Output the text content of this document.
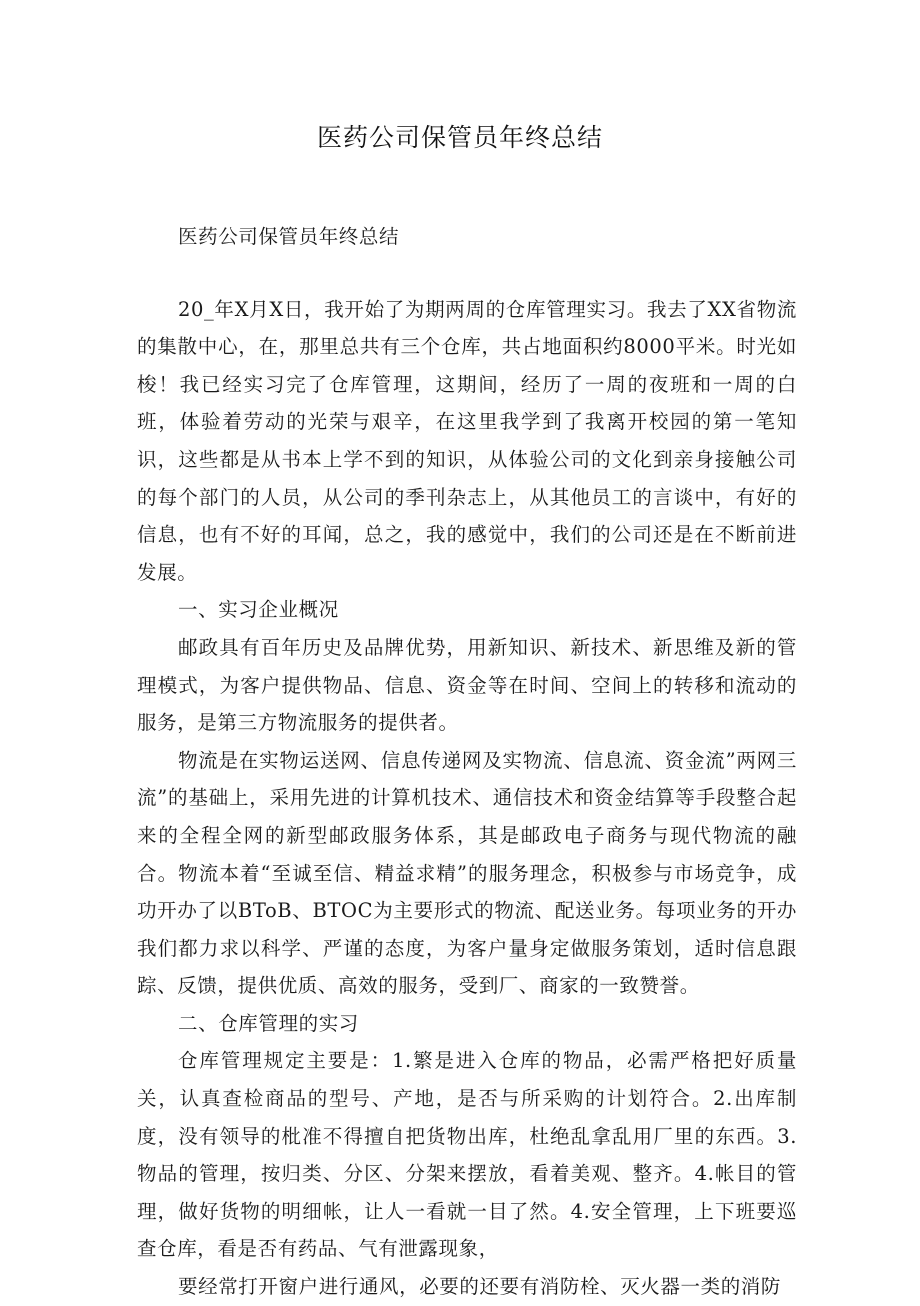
医药公司保管员年终总结

医药公司保管员年终总结

20_年X月X日，我开始了为期两周的仓库管理实习。我去了XX省物流的集散中心，在，那里总共有三个仓库，共占地面积约8000平米。时光如梭！我已经实习完了仓库管理，这期间，经历了一周的夜班和一周的白班，体验着劳动的光荣与艰辛，在这里我学到了我离开校园的第一笔知识，这些都是从书本上学不到的知识，从体验公司的文化到亲身接触公司的每个部门的人员，从公司的季刊杂志上，从其他员工的言谈中，有好的信息，也有不好的耳闻，总之，我的感觉中，我们的公司还是在不断前进发展。

一、实习企业概况

邮政具有百年历史及品牌优势，用新知识、新技术、新思维及新的管理模式，为客户提供物品、信息、资金等在时间、空间上的转移和流动的服务，是第三方物流服务的提供者。

物流是在实物运送网、信息传递网及实物流、信息流、资金流”两网三流”的基础上，采用先进的计算机技术、通信技术和资金结算等手段整合起来的全程全网的新型邮政服务体系，其是邮政电子商务与现代物流的融合。物流本着“至诚至信、精益求精”的服务理念，积极参与市场竞争，成功开办了以BToB、BTOC为主要形式的物流、配送业务。每项业务的开办我们都力求以科学、严谨的态度，为客户量身定做服务策划，适时信息跟踪、反馈，提供优质、高效的服务，受到厂、商家的一致赞誉。

二、仓库管理的实习

仓库管理规定主要是：1.繁是进入仓库的物品，必需严格把好质量关，认真查检商品的型号、产地，是否与所采购的计划符合。2.出库制度，没有领导的枇准不得擅自把货物出库，杜绝乱拿乱用厂里的东西。3.物品的管理，按归类、分区、分架来摆放，看着美观、整齐。4.帐目的管理，做好货物的明细帐，让人一看就一目了然。4.安全管理，上下班要巡查仓库，看是否有药品、气有泄露现象，

要经常打开窗户进行通风，必要的还要有消防栓、灭火器一类的消防
